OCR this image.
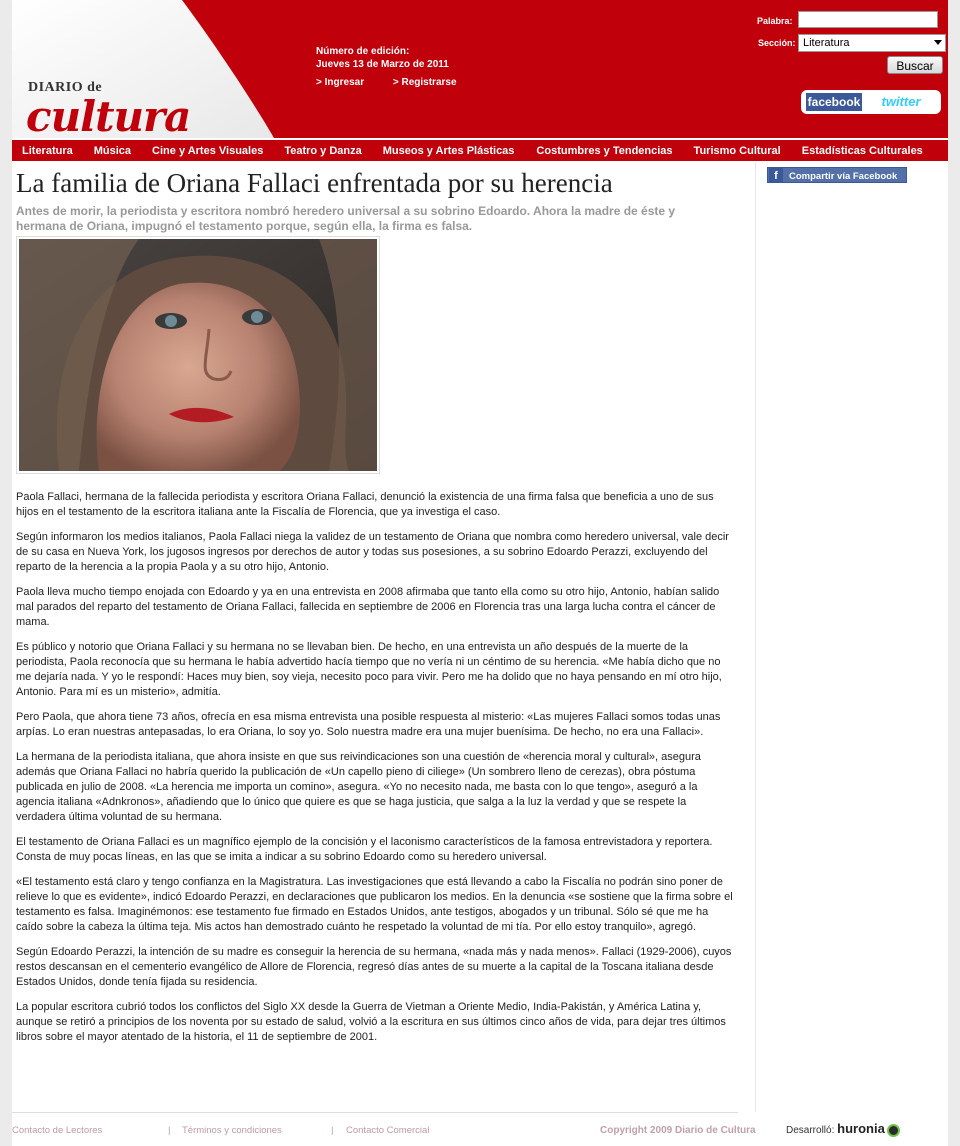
DIARIO de
cultura
Número de edición:
Jueves 13 de Marzo de 2011
> Ingresar	> Registrarse
Palabra:
Sección: Literatura
Buscar
facebook	twitter
Literatura Música Cine y Artes Visuales Teatro y Danza Museos y Artes Plásticas Costumbres y Tendencias Turismo Cultural Estadísticas Culturales
La familia de Oriana Fallaci enfrentada por su herencia
Antes de morir, la periodista y escritora nombró heredero universal a su sobrino Edoardo. Ahora la madre de éste y hermana de Oriana, impugnó el testamento porque, según ella, la firma es falsa.

Paola Fallaci, hermana de la fallecida periodista y escritora Oriana Fallaci, denunció la existencia de una firma falsa que beneficia a uno de sus hijos en el testamento de la escritora italiana ante la Fiscalía de Florencia, que ya investiga el caso.

Según informaron los medios italianos, Paola Fallaci niega la validez de un testamento de Oriana que nombra como heredero universal, vale decir de su casa en Nueva York, los jugosos ingresos por derechos de autor y todas sus posesiones, a su sobrino Edoardo Perazzi, excluyendo del reparto de la herencia a la propia Paola y a su otro hijo, Antonio.

Paola lleva mucho tiempo enojada con Edoardo y ya en una entrevista en 2008 afirmaba que tanto ella como su otro hijo, Antonio, habían salido mal parados del reparto del testamento de Oriana Fallaci, fallecida en septiembre de 2006 en Florencia tras una larga lucha contra el cáncer de mama.

Es público y notorio que Oriana Fallaci y su hermana no se llevaban bien. De hecho, en una entrevista un año después de la muerte de la periodista, Paola reconocía que su hermana le había advertido hacía tiempo que no vería ni un céntimo de su herencia. «Me había dicho que no me dejaría nada. Y yo le respondí: Haces muy bien, soy vieja, necesito poco para vivir. Pero me ha dolido que no haya pensando en mí otro hijo, Antonio. Para mí es un misterio», admitía.

Pero Paola, que ahora tiene 73 años, ofrecía en esa misma entrevista una posible respuesta al misterio: «Las mujeres Fallaci somos todas unas arpías. Lo eran nuestras antepasadas, lo era Oriana, lo soy yo. Solo nuestra madre era una mujer buenísima. De hecho, no era una Fallaci».

La hermana de la periodista italiana, que ahora insiste en que sus reivindicaciones son una cuestión de «herencia moral y cultural», asegura además que Oriana Fallaci no habría querido la publicación de «Un capello pieno di ciliege» (Un sombrero lleno de cerezas), obra póstuma publicada en julio de 2008. «La herencia me importa un comino», asegura. «Yo no necesito nada, me basta con lo que tengo», aseguró a la agencia italiana «Adnkronos», añadiendo que lo único que quiere es que se haga justicia, que salga a la luz la verdad y que se respete la verdadera última voluntad de su hermana.

El testamento de Oriana Fallaci es un magnífico ejemplo de la concisión y el laconismo característicos de la famosa entrevistadora y reportera. Consta de muy pocas líneas, en las que se imita a indicar a su sobrino Edoardo como su heredero universal.

«El testamento está claro y tengo confianza en la Magistratura. Las investigaciones que está llevando a cabo la Fiscalía no podrán sino poner de relieve lo que es evidente», indicó Edoardo Perazzi, en declaraciones que publicaron los medios. En la denuncia «se sostiene que la firma sobre el testamento es falsa. Imaginémonos: ese testamento fue firmado en Estados Unidos, ante testigos, abogados y un tribunal. Sólo sé que me ha caído sobre la cabeza la última teja. Mis actos han demostrado cuánto he respetado la voluntad de mi tía. Por ello estoy tranquilo», agregó.

Según Edoardo Perazzi, la intención de su madre es conseguir la herencia de su hermana, «nada más y nada menos». Fallaci (1929-2006), cuyos restos descansan en el cementerio evangélico de Allore de Florencia, regresó días antes de su muerte a la capital de la Toscana italiana desde Estados Unidos, donde tenía fijada su residencia.

La popular escritora cubrió todos los conflictos del Siglo XX desde la Guerra de Vietman a Oriente Medio, India-Pakistán, y América Latina y, aunque se retiró a principios de los noventa por su estado de salud, volvió a la escritura en sus últimos cinco años de vida, para dejar tres últimos libros sobre el mayor atentado de la historia, el 11 de septiembre de 2001.

f Compartir vía Facebook
Contacto de Lectores	| Términos y condiciones	| Contacto Comercial	Copyright 2009 Diario de Cultura	Desarrolló: huronia
